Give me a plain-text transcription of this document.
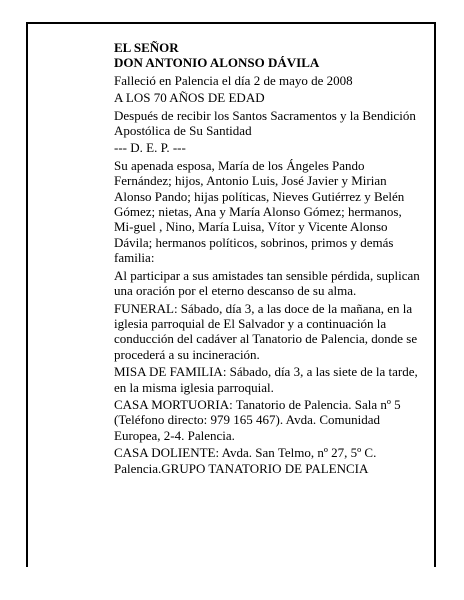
EL SEÑOR

DON ANTONIO ALONSO DÁVILA

Falleció en Palencia el día 2 de mayo de 2008

A LOS 70 AÑOS DE EDAD

Después de recibir los Santos Sacramentos y la Bendición Apostólica de Su Santidad

--- D. E. P. ---

Su apenada esposa, María de los Ángeles Pando Fernández; hijos, Antonio Luis, José Javier y Mirian Alonso Pando; hijas políticas, Nieves Gutiérrez y Belén Gómez; nietas, Ana y María Alonso Gómez; hermanos, Mi-guel , Nino, María Luisa, Vítor y Vicente Alonso Dávila; hermanos políticos, sobrinos, primos y demás familia:

Al participar a sus amistades tan sensible pérdida, suplican una oración por el eterno descanso de su alma.

FUNERAL: Sábado, día 3, a las doce de la mañana, en la iglesia parroquial de El Salvador y a continuación la conducción del cadáver al Tanatorio de Palencia, donde se procederá a su incineración.

MISA DE FAMILIA: Sábado, día 3, a las siete de la tarde, en la misma iglesia parroquial.

CASA MORTUORIA: Tanatorio de Palencia. Sala nº 5 (Teléfono directo: 979 165 467). Avda. Comunidad Europea, 2-4. Palencia.

CASA DOLIENTE: Avda. San Telmo, nº 27, 5º C. Palencia.GRUPO TANATORIO DE PALENCIA
